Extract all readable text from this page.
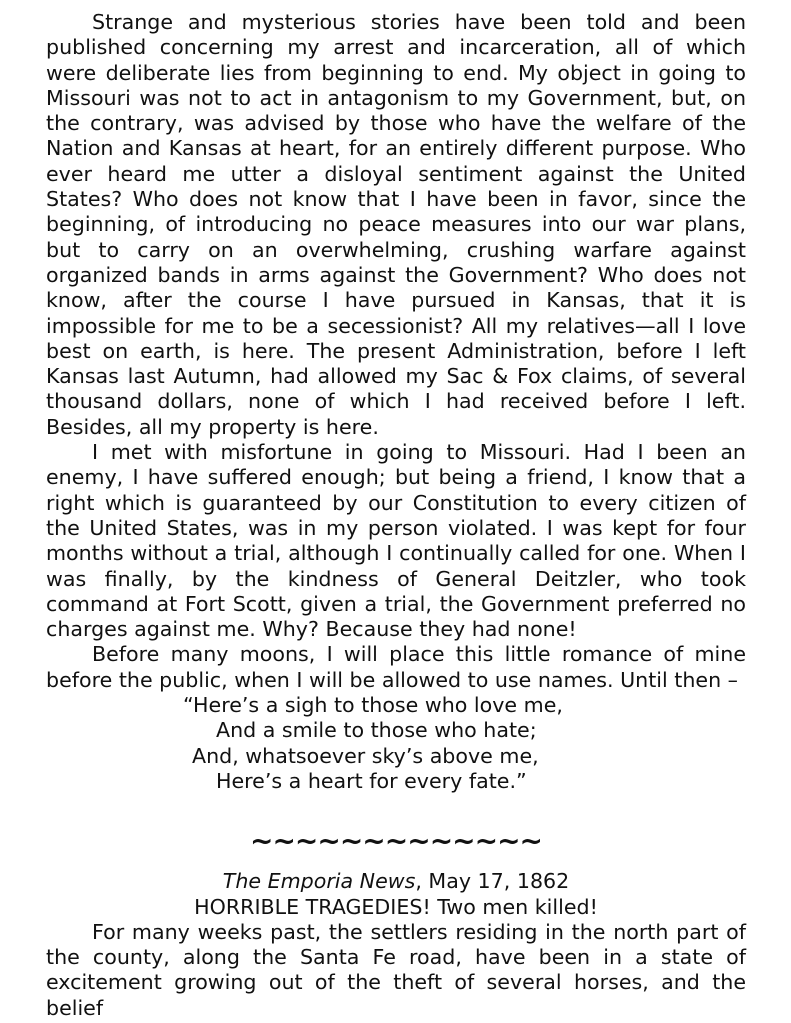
Strange and mysterious stories have been told and been published concerning my arrest and incarceration, all of which were deliberate lies from beginning to end. My object in going to Missouri was not to act in antagonism to my Government, but, on the contrary, was advised by those who have the welfare of the Nation and Kansas at heart, for an entirely different purpose. Who ever heard me utter a disloyal sentiment against the United States? Who does not know that I have been in favor, since the beginning, of introducing no peace measures into our war plans, but to carry on an overwhelming, crushing warfare against organized bands in arms against the Government? Who does not know, after the course I have pursued in Kansas, that it is impossible for me to be a secessionist? All my relatives—all I love best on earth, is here. The present Administration, before I left Kansas last Autumn, had allowed my Sac & Fox claims, of several thousand dollars, none of which I had received before I left. Besides, all my property is here.

I met with misfortune in going to Missouri. Had I been an enemy, I have suffered enough; but being a friend, I know that a right which is guaranteed by our Constitution to every citizen of the United States, was in my person violated. I was kept for four months without a trial, although I continually called for one. When I was finally, by the kindness of General Deitzler, who took command at Fort Scott, given a trial, the Government preferred no charges against me. Why? Because they had none!

Before many moons, I will place this little romance of mine before the public, when I will be allowed to use names. Until then –

“Here’s a sigh to those who love me,
And a smile to those who hate;
And, whatsoever sky’s above me,
Here’s a heart for every fate.”
~~~~~~~~~~~~~
The Emporia News, May 17, 1862
HORRIBLE TRAGEDIES! Two men killed!

For many weeks past, the settlers residing in the north part of the county, along the Santa Fe road, have been in a state of excitement growing out of the theft of several horses, and the belief
